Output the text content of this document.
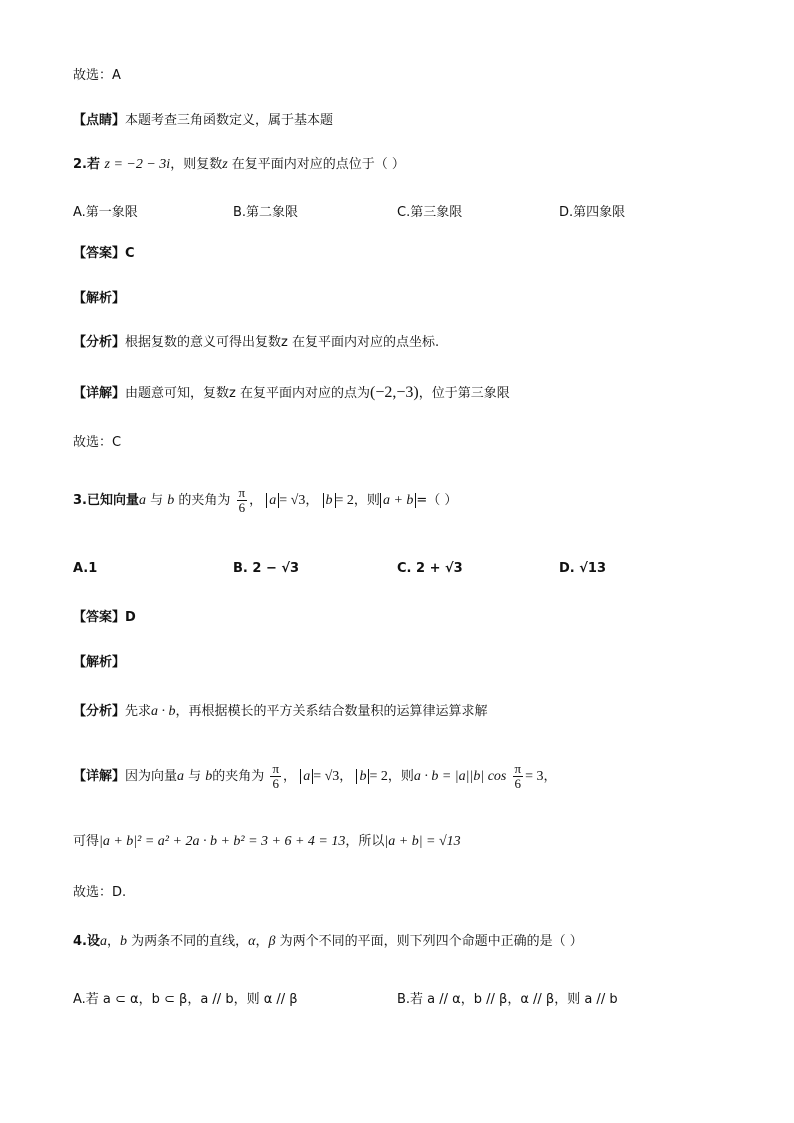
故选：A
【点睛】本题考查三角函数定义，属于基本题
2.若 z = −2 − 3i，则复数z 在复平面内对应的点位于（ ）
A.第一象限	B.第二象限	C.第三象限	D.第四象限
【答案】C
【解析】
【分析】根据复数的意义可得出复数z 在复平面内对应的点坐标.
【详解】由题意可知，复数z 在复平面内对应的点为(−2,−3)，位于第三象限
故选：C
3.已知向量a 与 b 的夹角为 $\frac{\pi}{6}$ ， a = √3， b = 2，则 a + b =（ ）
A.1	B. 2 − √3	C. 2 + √3	D. √13
【答案】D
【解析】
【分析】先求a · b，再根据模长的平方关系结合数量积的运算律运算求解
【详解】因为向量a 与 b的夹角为 $\frac{\pi}{6}$ ， a = √3， b = 2，则a · b = |a||b| $\cos \frac{\pi}{6} = 3$，
可得|a + b|² = a² + 2a · b + b² = 3 + 6 + 4 = 13，所以|a + b| = √13
故选：D.
4.设a，b 为两条不同的直线，α，β 为两个不同的平面，则下列四个命题中正确的是（ ）
A.若 a ⊂ α，b ⊂ β，a // b，则 α // β	B.若 a // α，b // β，α // β，则 a // b
